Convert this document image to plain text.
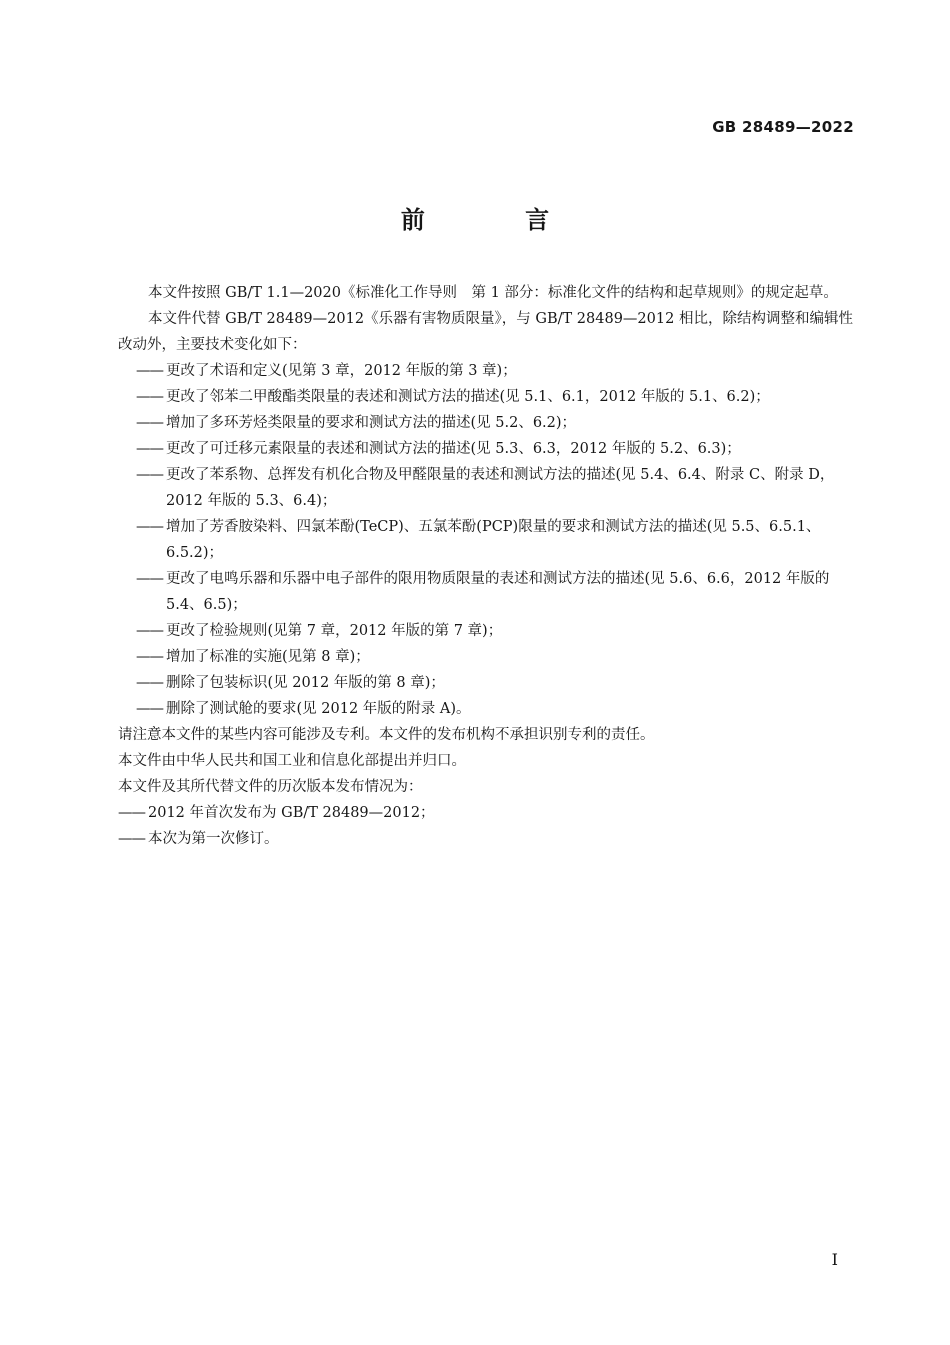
GB 28489—2022
前 言

本文件按照 GB/T 1.1—2020《标准化工作导则　第 1 部分：标准化文件的结构和起草规则》的规定起草。

本文件代替 GB/T 28489—2012《乐器有害物质限量》，与 GB/T 28489—2012 相比，除结构调整和编辑性改动外，主要技术变化如下：

—— 更改了术语和定义(见第 3 章，2012 年版的第 3 章)；
—— 更改了邻苯二甲酸酯类限量的表述和测试方法的描述(见 5.1、6.1，2012 年版的 5.1、6.2)；
—— 增加了多环芳烃类限量的要求和测试方法的描述(见 5.2、6.2)；
—— 更改了可迁移元素限量的表述和测试方法的描述(见 5.3、6.3，2012 年版的 5.2、6.3)；
—— 更改了苯系物、总挥发有机化合物及甲醛限量的表述和测试方法的描述(见 5.4、6.4、附录 C、附录 D，2012 年版的 5.3、6.4)；
—— 增加了芳香胺染料、四氯苯酚(TeCP)、五氯苯酚(PCP)限量的要求和测试方法的描述(见 5.5、6.5.1、6.5.2)；
—— 更改了电鸣乐器和乐器中电子部件的限用物质限量的表述和测试方法的描述(见 5.6、6.6，2012 年版的 5.4、6.5)；
—— 更改了检验规则(见第 7 章，2012 年版的第 7 章)；
—— 增加了标准的实施(见第 8 章)；
—— 删除了包装标识(见 2012 年版的第 8 章)；
—— 删除了测试舱的要求(见 2012 年版的附录 A)。

请注意本文件的某些内容可能涉及专利。本文件的发布机构不承担识别专利的责任。

本文件由中华人民共和国工业和信息化部提出并归口。

本文件及其所代替文件的历次版本发布情况为：

—— 2012 年首次发布为 GB/T 28489—2012；
—— 本次为第一次修订。
I
